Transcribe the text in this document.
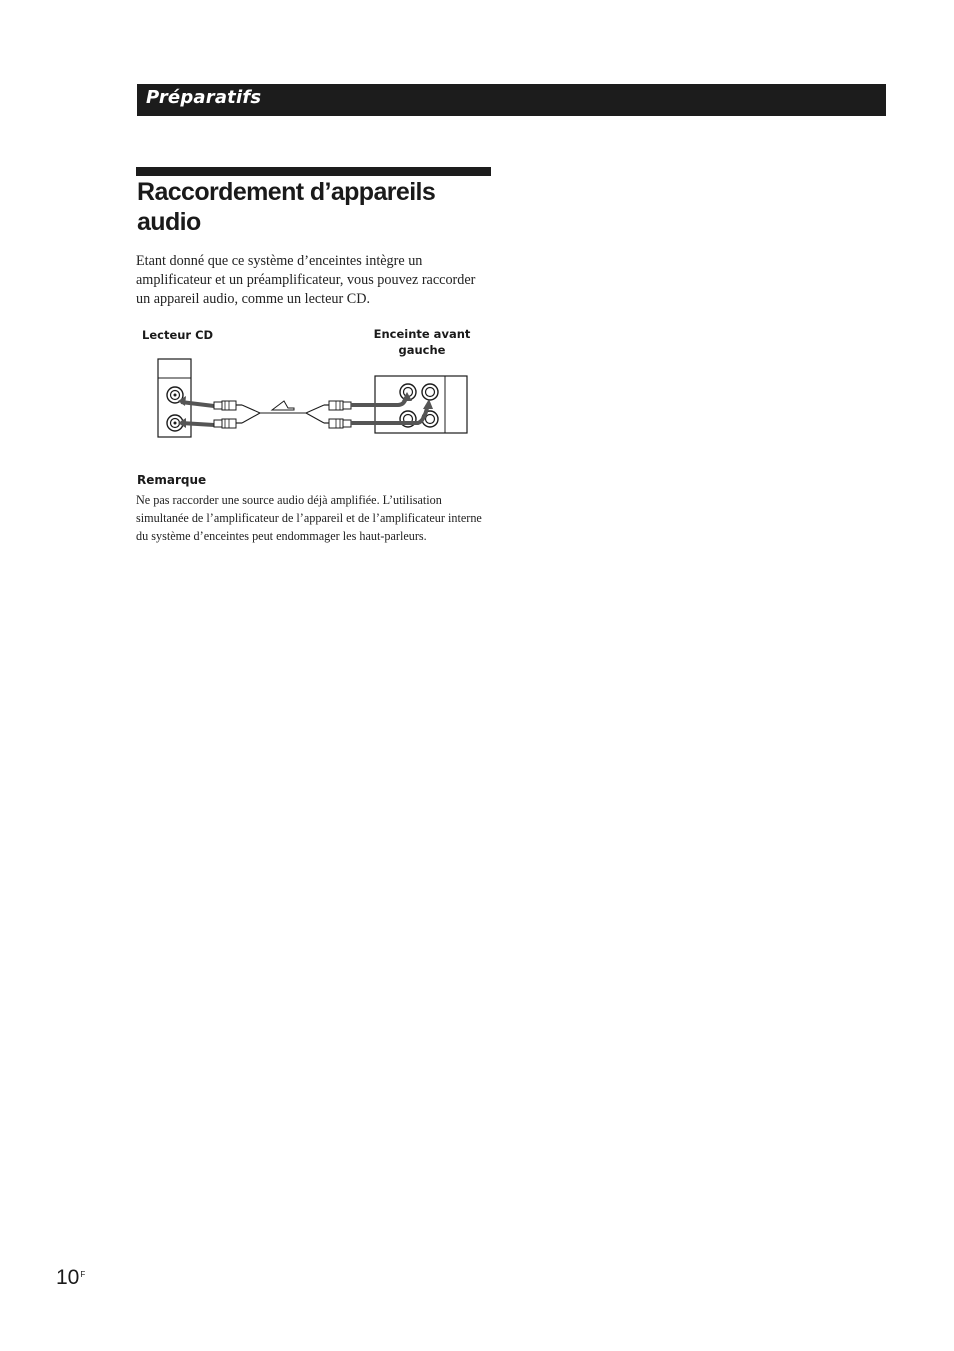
Préparatifs
Raccordement d’appareils audio

Etant donné que ce système d’enceintes intègre un amplificateur et un préamplificateur, vous pouvez raccorder un appareil audio, comme un lecteur CD.

Lecteur CD	Enceinte avant
gauche
Remarque

Ne pas raccorder une source audio déjà amplifiée. L’utilisation simultanée de l’amplificateur de l’appareil et de l’amplificateur interne du système d’enceintes peut endommager les haut-parleurs.

$10^F$
